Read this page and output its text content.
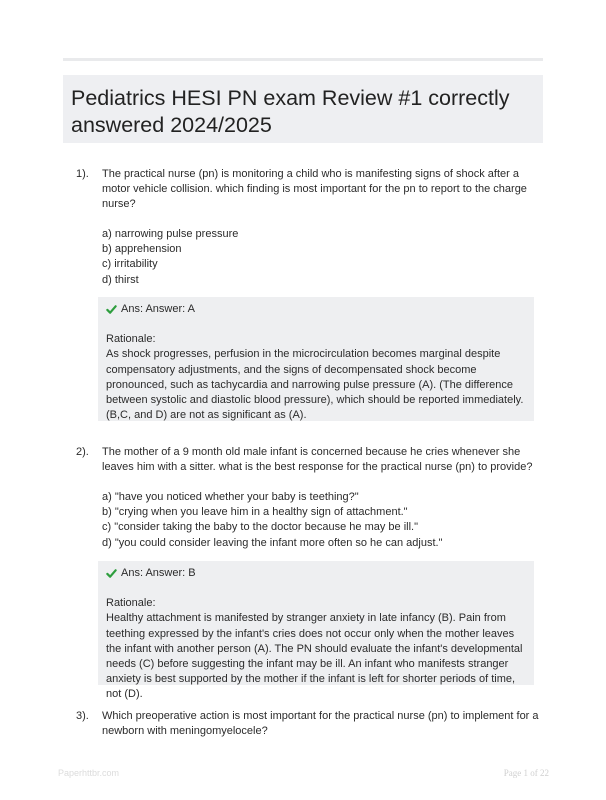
Pediatrics HESI PN exam Review #1 correctly answered 2024/2025
1). The practical nurse (pn) is monitoring a child who is manifesting signs of shock after a motor vehicle collision. which finding is most important for the pn to report to the charge nurse?
a) narrowing pulse pressure
b) apprehension
c) irritability
d) thirst
Ans: Answer: A
Rationale:
As shock progresses, perfusion in the microcirculation becomes marginal despite compensatory adjustments, and the signs of decompensated shock become pronounced, such as tachycardia and narrowing pulse pressure (A). (The difference between systolic and diastolic blood pressure), which should be reported immediately. (B,C, and D) are not as significant as (A).
2). The mother of a 9 month old male infant is concerned because he cries whenever she leaves him with a sitter. what is the best response for the practical nurse (pn) to provide?
a) "have you noticed whether your baby is teething?"
b) "crying when you leave him in a healthy sign of attachment."
c) "consider taking the baby to the doctor because he may be ill."
d) "you could consider leaving the infant more often so he can adjust."
Ans: Answer: B
Rationale:
Healthy attachment is manifested by stranger anxiety in late infancy (B). Pain from teething expressed by the infant's cries does not occur only when the mother leaves the infant with another person (A). The PN should evaluate the infant's developmental needs (C) before suggesting the infant may be ill. An infant who manifests stranger anxiety is best supported by the mother if the infant is left for shorter periods of time, not (D).
3). Which preoperative action is most important for the practical nurse (pn) to implement for a newborn with meningomyelocele?
Paperhttbr.com	Page 1 of 22
